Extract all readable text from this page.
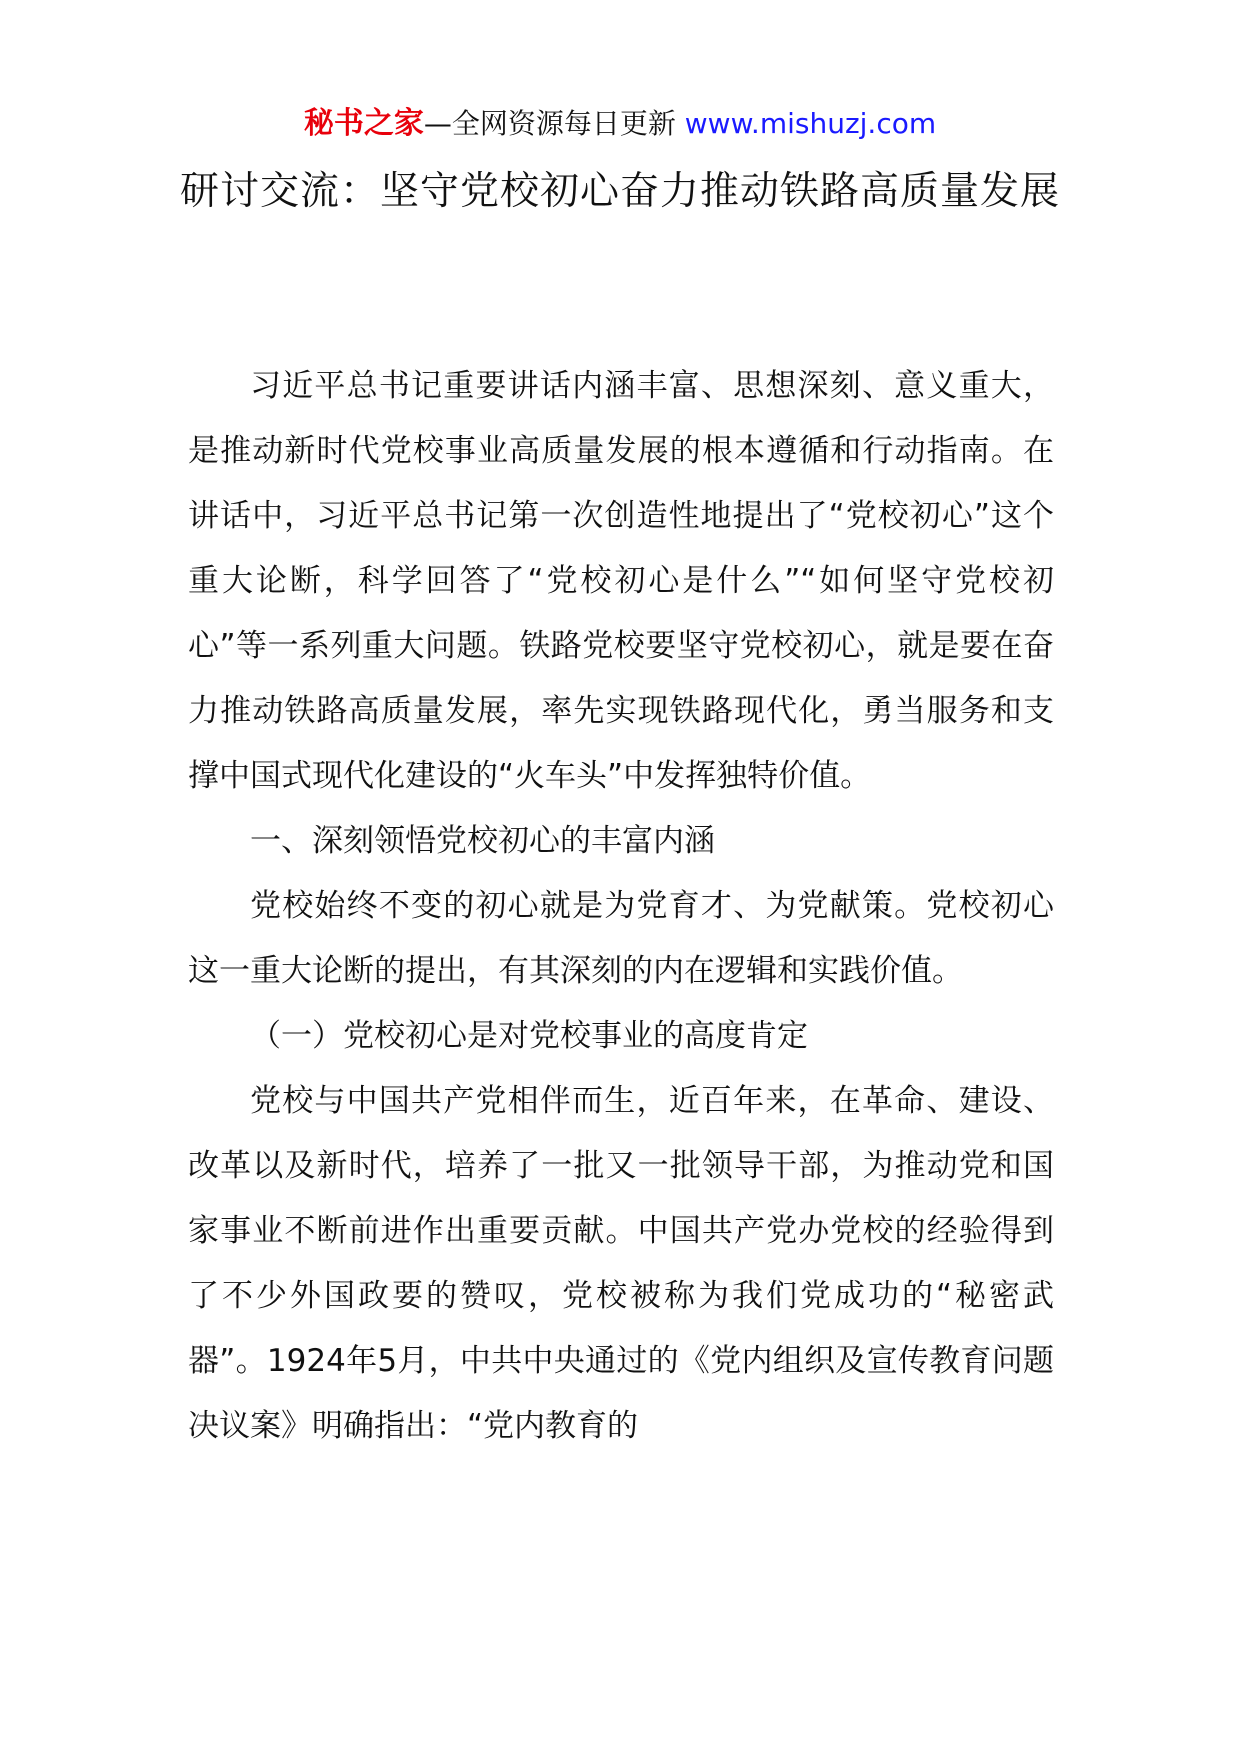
秘书之家—全网资源每日更新 www.mishuzj.com
研讨交流：坚守党校初心奋力推动铁路高质量发展

习近平总书记重要讲话内涵丰富、思想深刻、意义重大，是推动新时代党校事业高质量发展的根本遵循和行动指南。在讲话中，习近平总书记第一次创造性地提出了“党校初心”这个重大论断，科学回答了“党校初心是什么”“如何坚守党校初心”等一系列重大问题。铁路党校要坚守党校初心，就是要在奋力推动铁路高质量发展，率先实现铁路现代化，勇当服务和支撑中国式现代化建设的“火车头”中发挥独特价值。

一、深刻领悟党校初心的丰富内涵

党校始终不变的初心就是为党育才、为党献策。党校初心这一重大论断的提出，有其深刻的内在逻辑和实践价值。

（一）党校初心是对党校事业的高度肯定

党校与中国共产党相伴而生，近百年来，在革命、建设、改革以及新时代，培养了一批又一批领导干部，为推动党和国家事业不断前进作出重要贡献。中国共产党办党校的经验得到了不少外国政要的赞叹，党校被称为我们党成功的“秘密武器”。1924年5月，中共中央通过的《党内组织及宣传教育问题决议案》明确指出：“党内教育的
